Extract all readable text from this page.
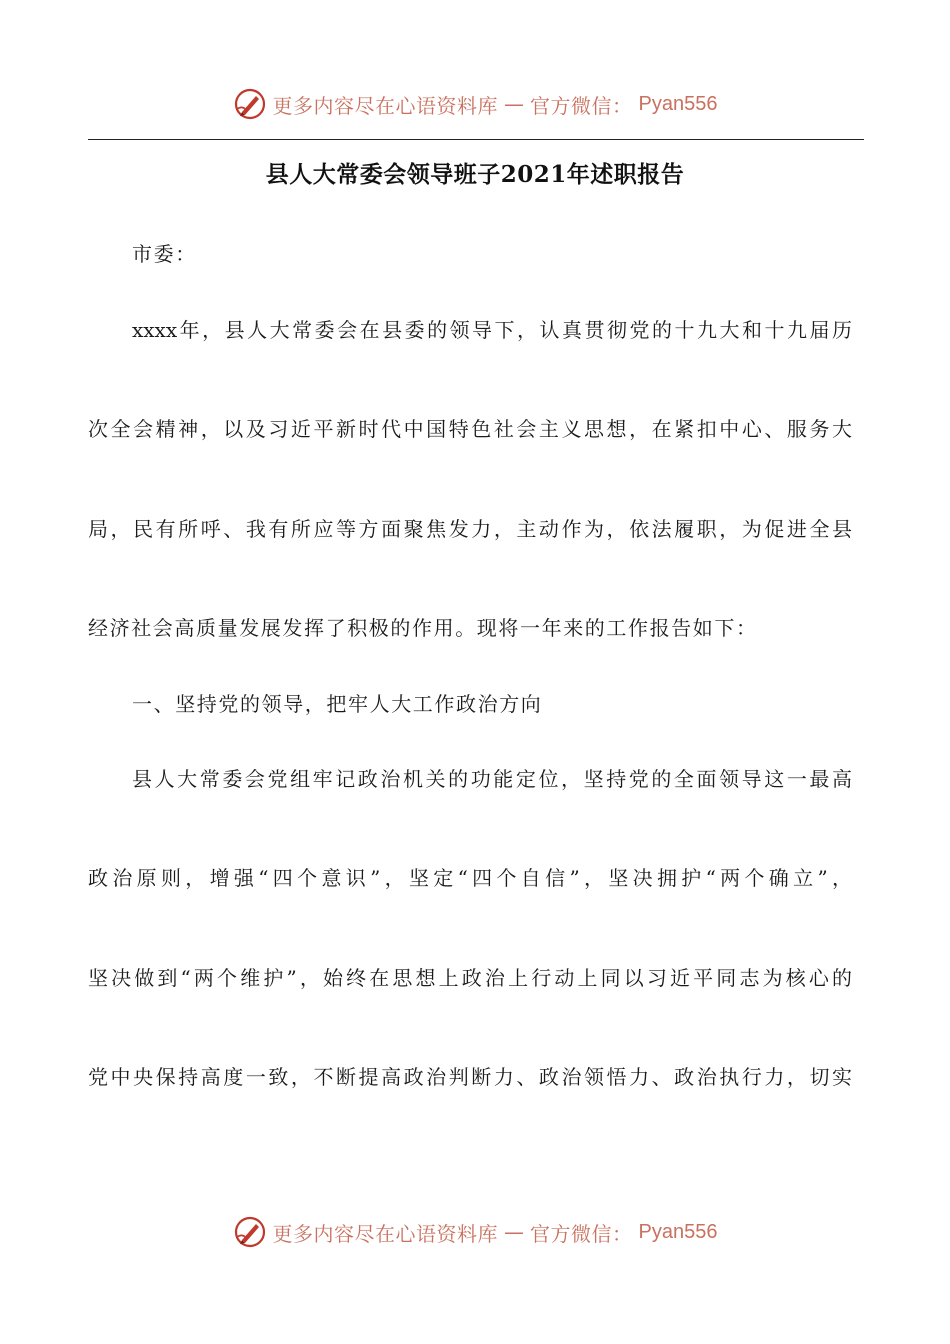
更多内容尽在心语资料库 — 官方微信： Pyan556
县人大常委会领导班子2021年述职报告
市委：
xxxx年，县人大常委会在县委的领导下，认真贯彻党的十九大和十九届历
次全会精神，以及习近平新时代中国特色社会主义思想，在紧扣中心、服务大
局，民有所呼、我有所应等方面聚焦发力，主动作为，依法履职，为促进全县
经济社会高质量发展发挥了积极的作用。现将一年来的工作报告如下：
一、坚持党的领导，把牢人大工作政治方向
县人大常委会党组牢记政治机关的功能定位，坚持党的全面领导这一最高
政治原则，增强“四个意识”，坚定“四个自信”，坚决拥护“两个确立”，
坚决做到“两个维护”，始终在思想上政治上行动上同以习近平同志为核心的
党中央保持高度一致，不断提高政治判断力、政治领悟力、政治执行力，切实
更多内容尽在心语资料库 — 官方微信： Pyan556
